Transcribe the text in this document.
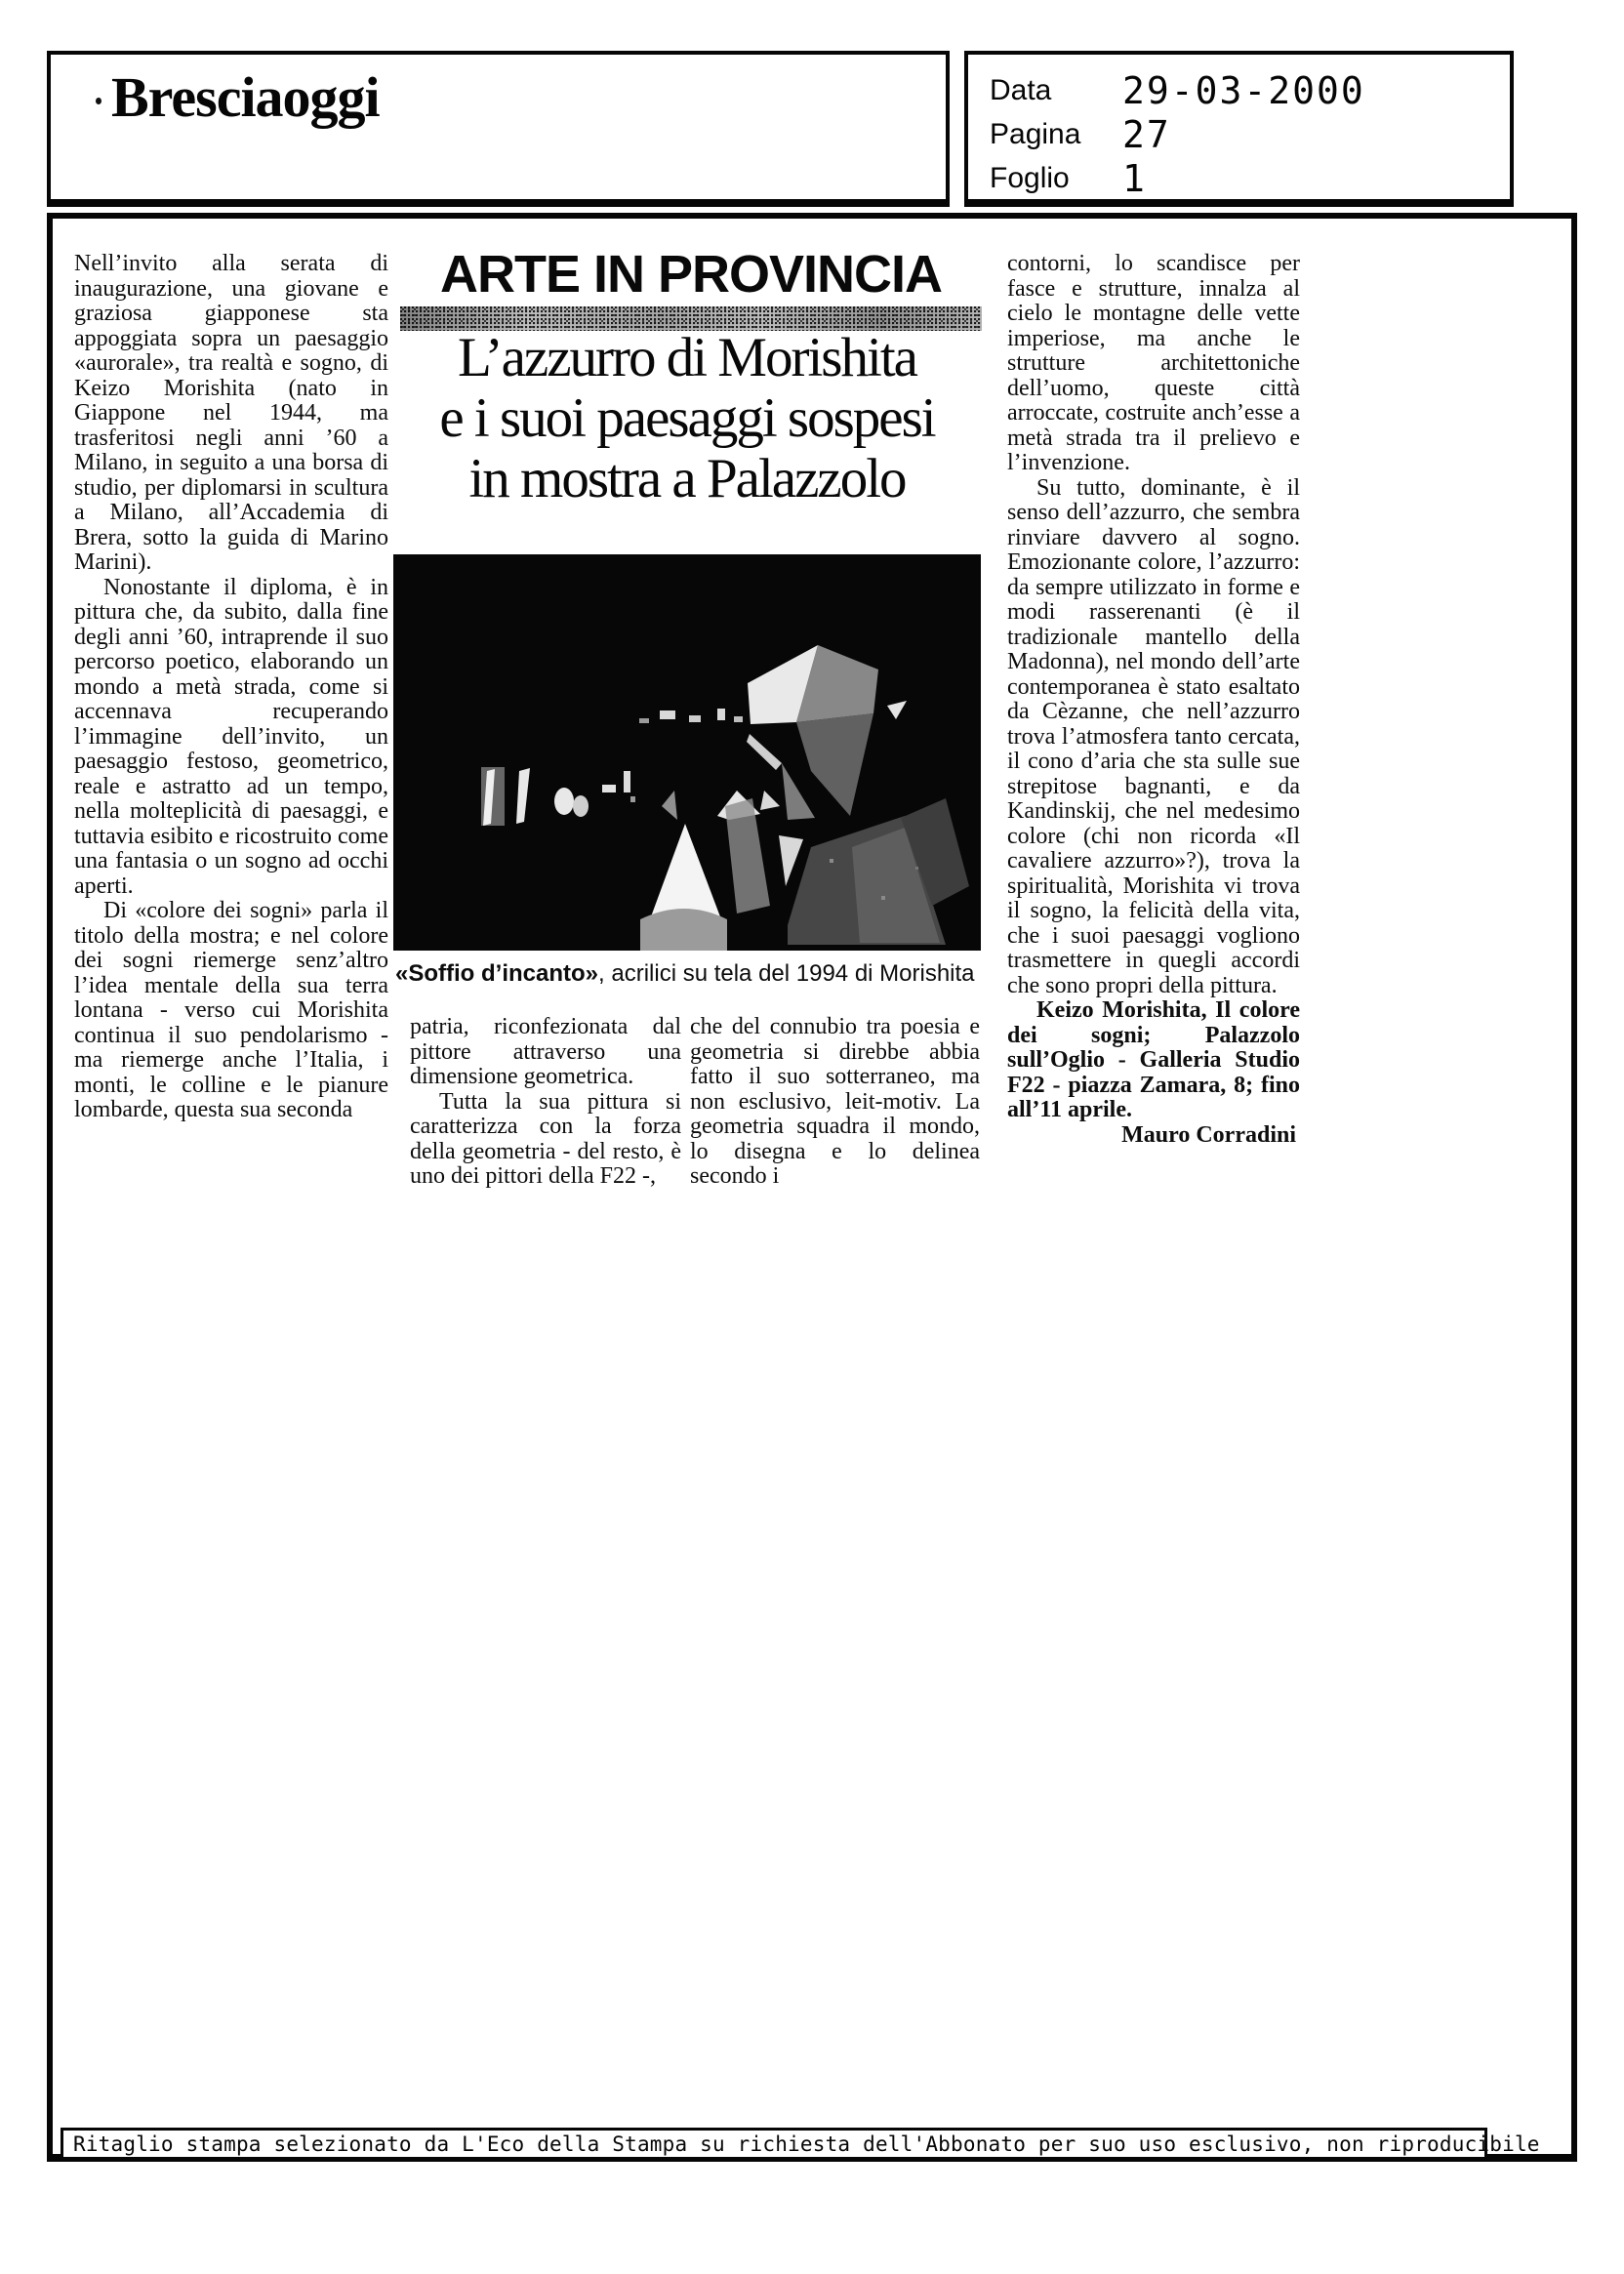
Bresciaoggi	Data	29-03-2000
Pagina	27
Foglio	1

Nell’invito alla serata di inaugurazione, una giovane e graziosa giapponese sta appoggiata sopra un paesaggio «aurorale», tra realtà e sogno, di Keizo Morishita (nato in Giappone nel 1944, ma trasferitosi negli anni ’60 a Milano, in seguito a una borsa di studio, per diplomarsi in scultura a Milano, all’Accademia di Brera, sotto la guida di Marino Marini).

Nonostante il diploma, è in pittura che, da subito, dalla fine degli anni ’60, intraprende il suo percorso poetico, elaborando un mondo a metà strada, come si accennava recuperando l’immagine dell’invito, un paesaggio festoso, geometrico, reale e astratto ad un tempo, nella molteplicità di paesaggi, e tuttavia esibito e ricostruito come una fantasia o un sogno ad occhi aperti.

Di «colore dei sogni» parla il titolo della mostra; e nel colore dei sogni riemerge senz’altro l’idea mentale della sua terra lontana - verso cui Morishita continua il suo pendolarismo - ma riemerge anche l’Italia, i monti, le colline e le pianure lombarde, questa sua seconda

ARTE IN PROVINCIA
L’azzurro di Morishita
e i suoi paesaggi sospesi
in mostra a Palazzolo
«Soffio d’incanto», acrilici su tela del 1994 di Morishita

patria, riconfezionata dal pittore attraverso una dimensione geometrica.

Tutta la sua pittura si caratterizza con la forza della geometria - del resto, è uno dei pittori della F22 -,

che del connubio tra poesia e geometria si direbbe abbia fatto il suo sotterraneo, ma non esclusivo, leit-motiv. La geometria squadra il mondo, lo disegna e lo delinea secondo i

contorni, lo scandisce per fasce e strutture, innalza al cielo le montagne delle vette imperiose, ma anche le strutture architettoniche dell’uomo, queste città arroccate, costruite anch’esse a metà strada tra il prelievo e l’invenzione.

Su tutto, dominante, è il senso dell’azzurro, che sembra rinviare davvero al sogno. Emozionante colore, l’azzurro: da sempre utilizzato in forme e modi rasserenanti (è il tradizionale mantello della Madonna), nel mondo dell’arte contemporanea è stato esaltato da Cèzanne, che nell’azzurro trova l’atmosfera tanto cercata, il cono d’aria che sta sulle sue strepitose bagnanti, e da Kandinskij, che nel medesimo colore (chi non ricorda «Il cavaliere azzurro»?), trova la spiritualità, Morishita vi trova il sogno, la felicità della vita, che i suoi paesaggi vogliono trasmettere in quegli accordi che sono propri della pittura.

Keizo Morishita, Il colore dei sogni; Palazzolo sull’Oglio - Galleria Studio F22 - piazza Zamara, 8; fino all’11 aprile.

Mauro Corradini

Ritaglio stampa selezionato da L'Eco della Stampa su richiesta dell'Abbonato per suo uso esclusivo, non riproducibile
